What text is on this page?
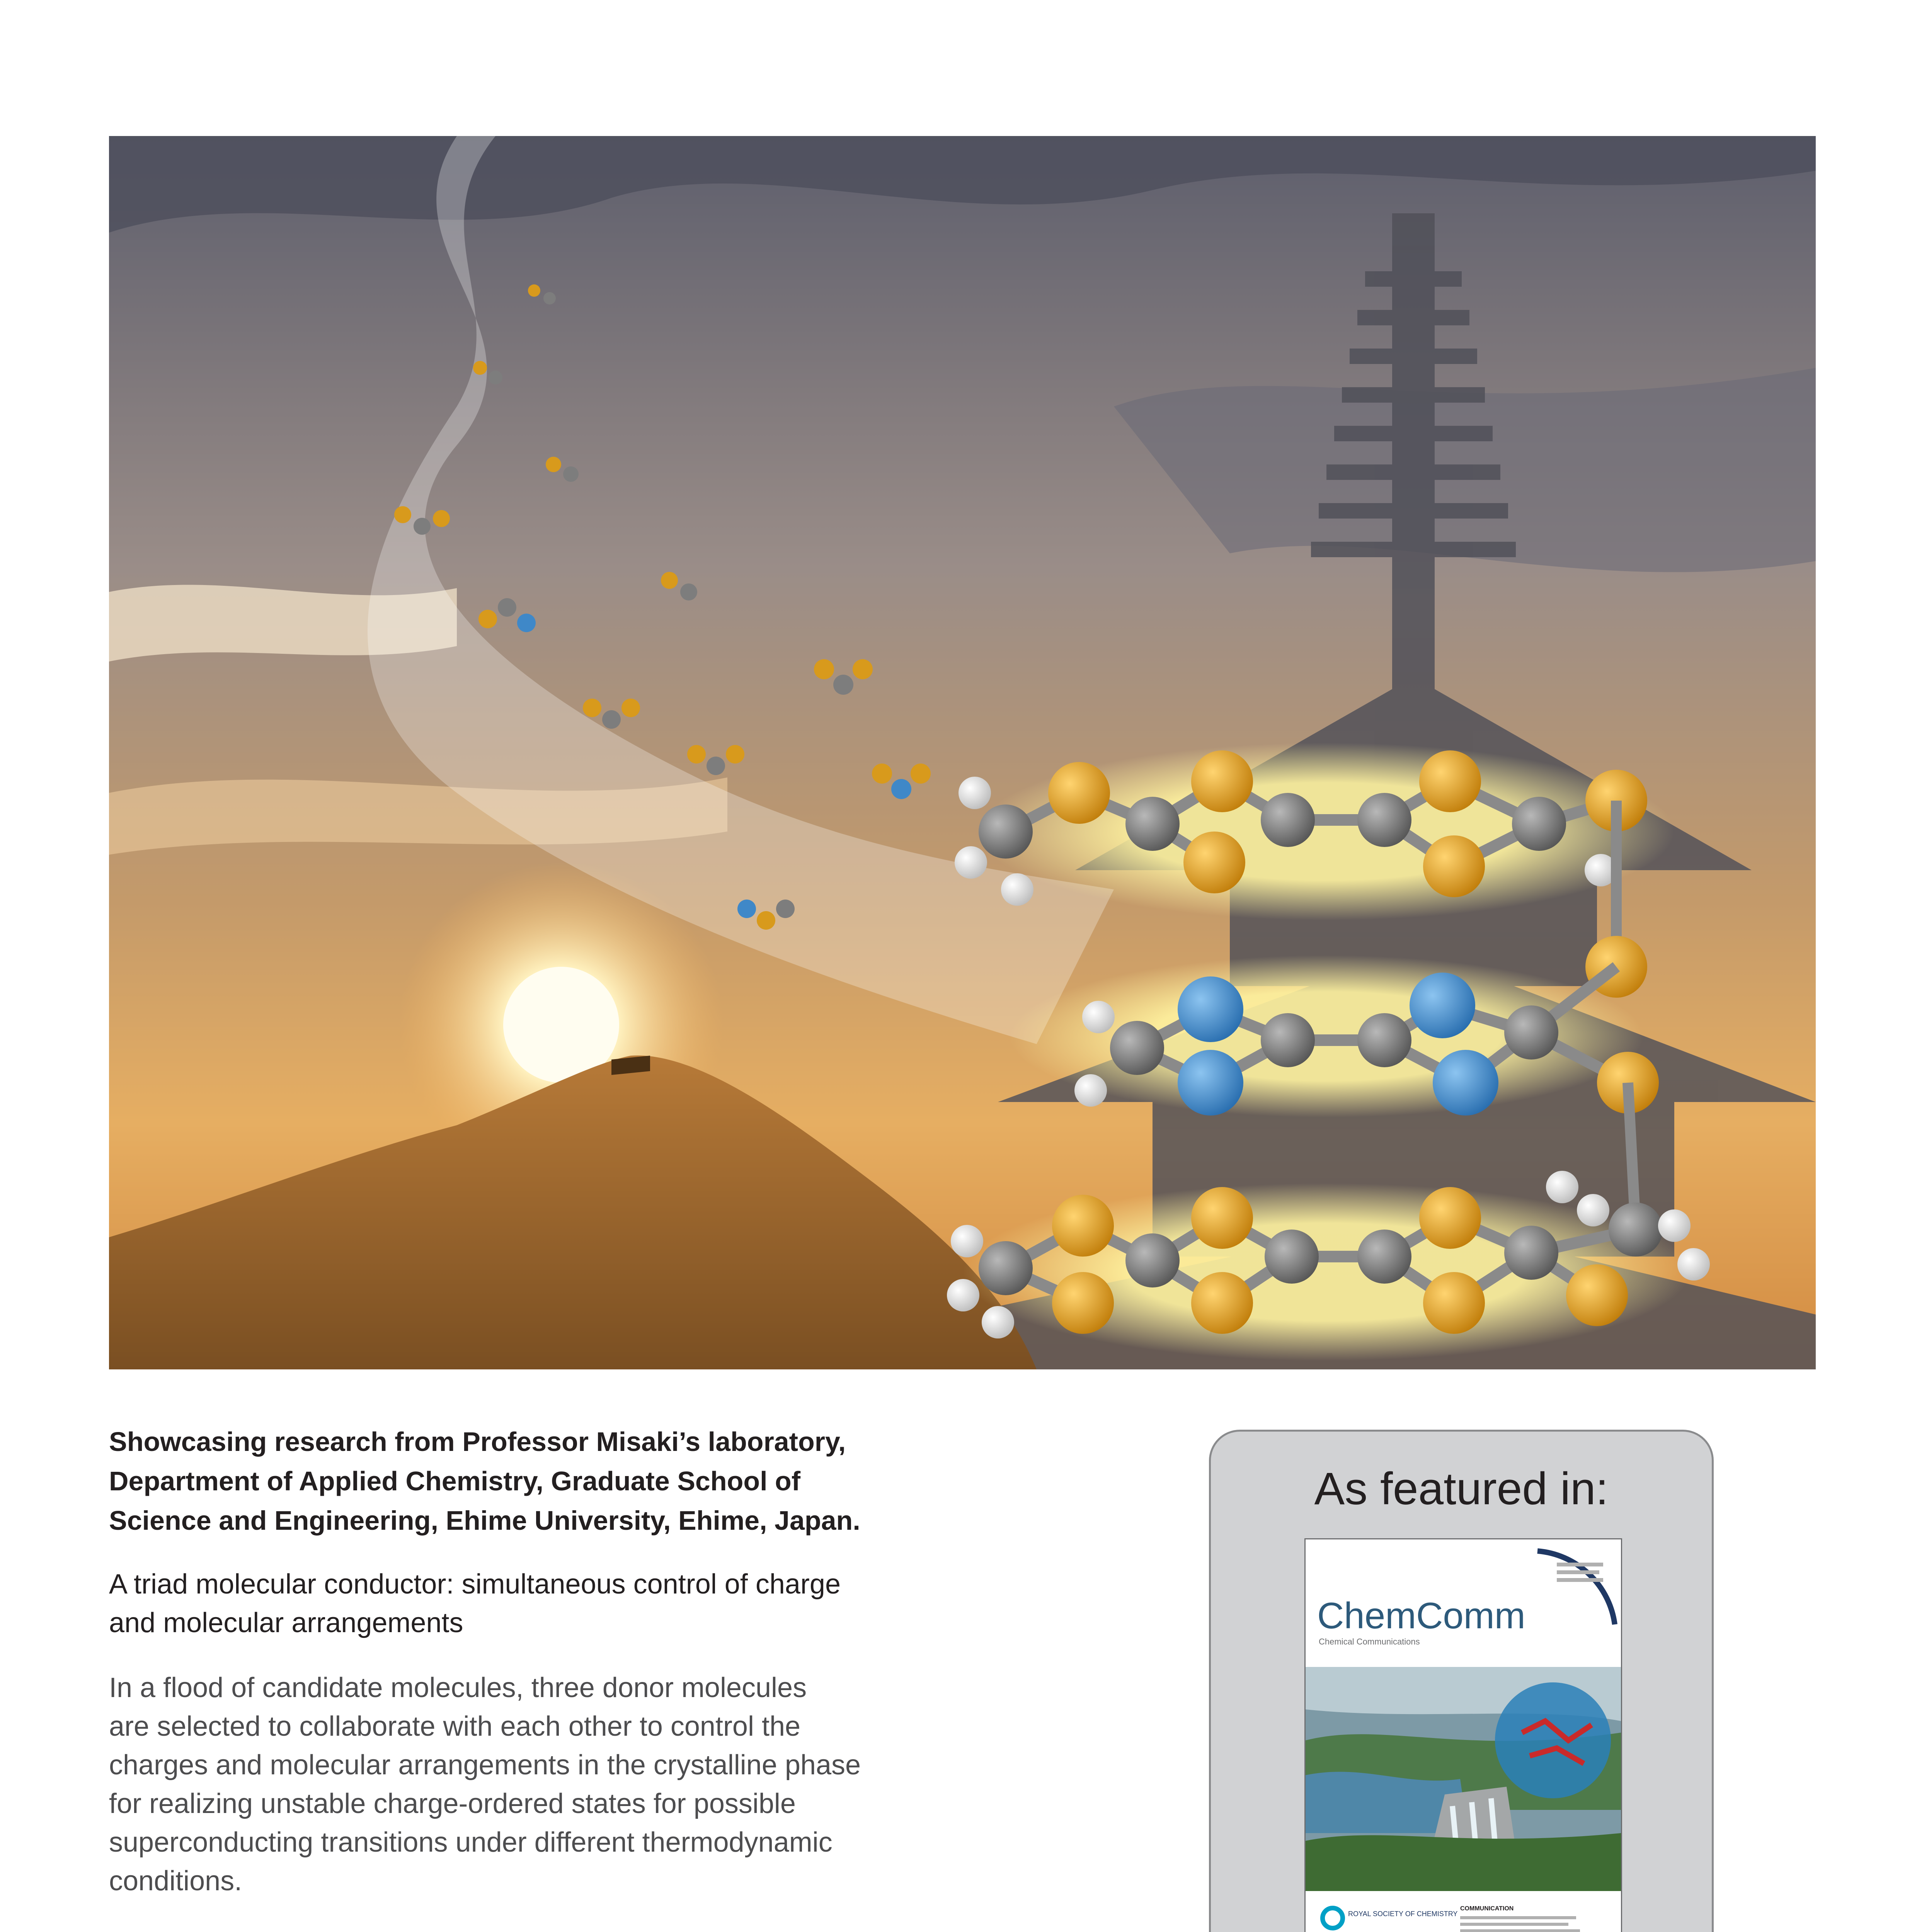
Showcasing research from Professor Misaki’s laboratory,
Department of Applied Chemistry, Graduate School of
Science and Engineering, Ehime University, Ehime, Japan.
A triad molecular conductor: simultaneous control of charge
and molecular arrangements
In a flood of candidate molecules, three donor molecules
are selected to collaborate with each other to control the
charges and molecular arrangements in the crystalline phase
for realizing unstable charge-ordered states for possible
superconducting transitions under different thermodynamic
conditions.
As featured in:
ChemComm
Chemical Communications
ROYAL SOCIETY OF CHEMISTRY
COMMUNICATION
